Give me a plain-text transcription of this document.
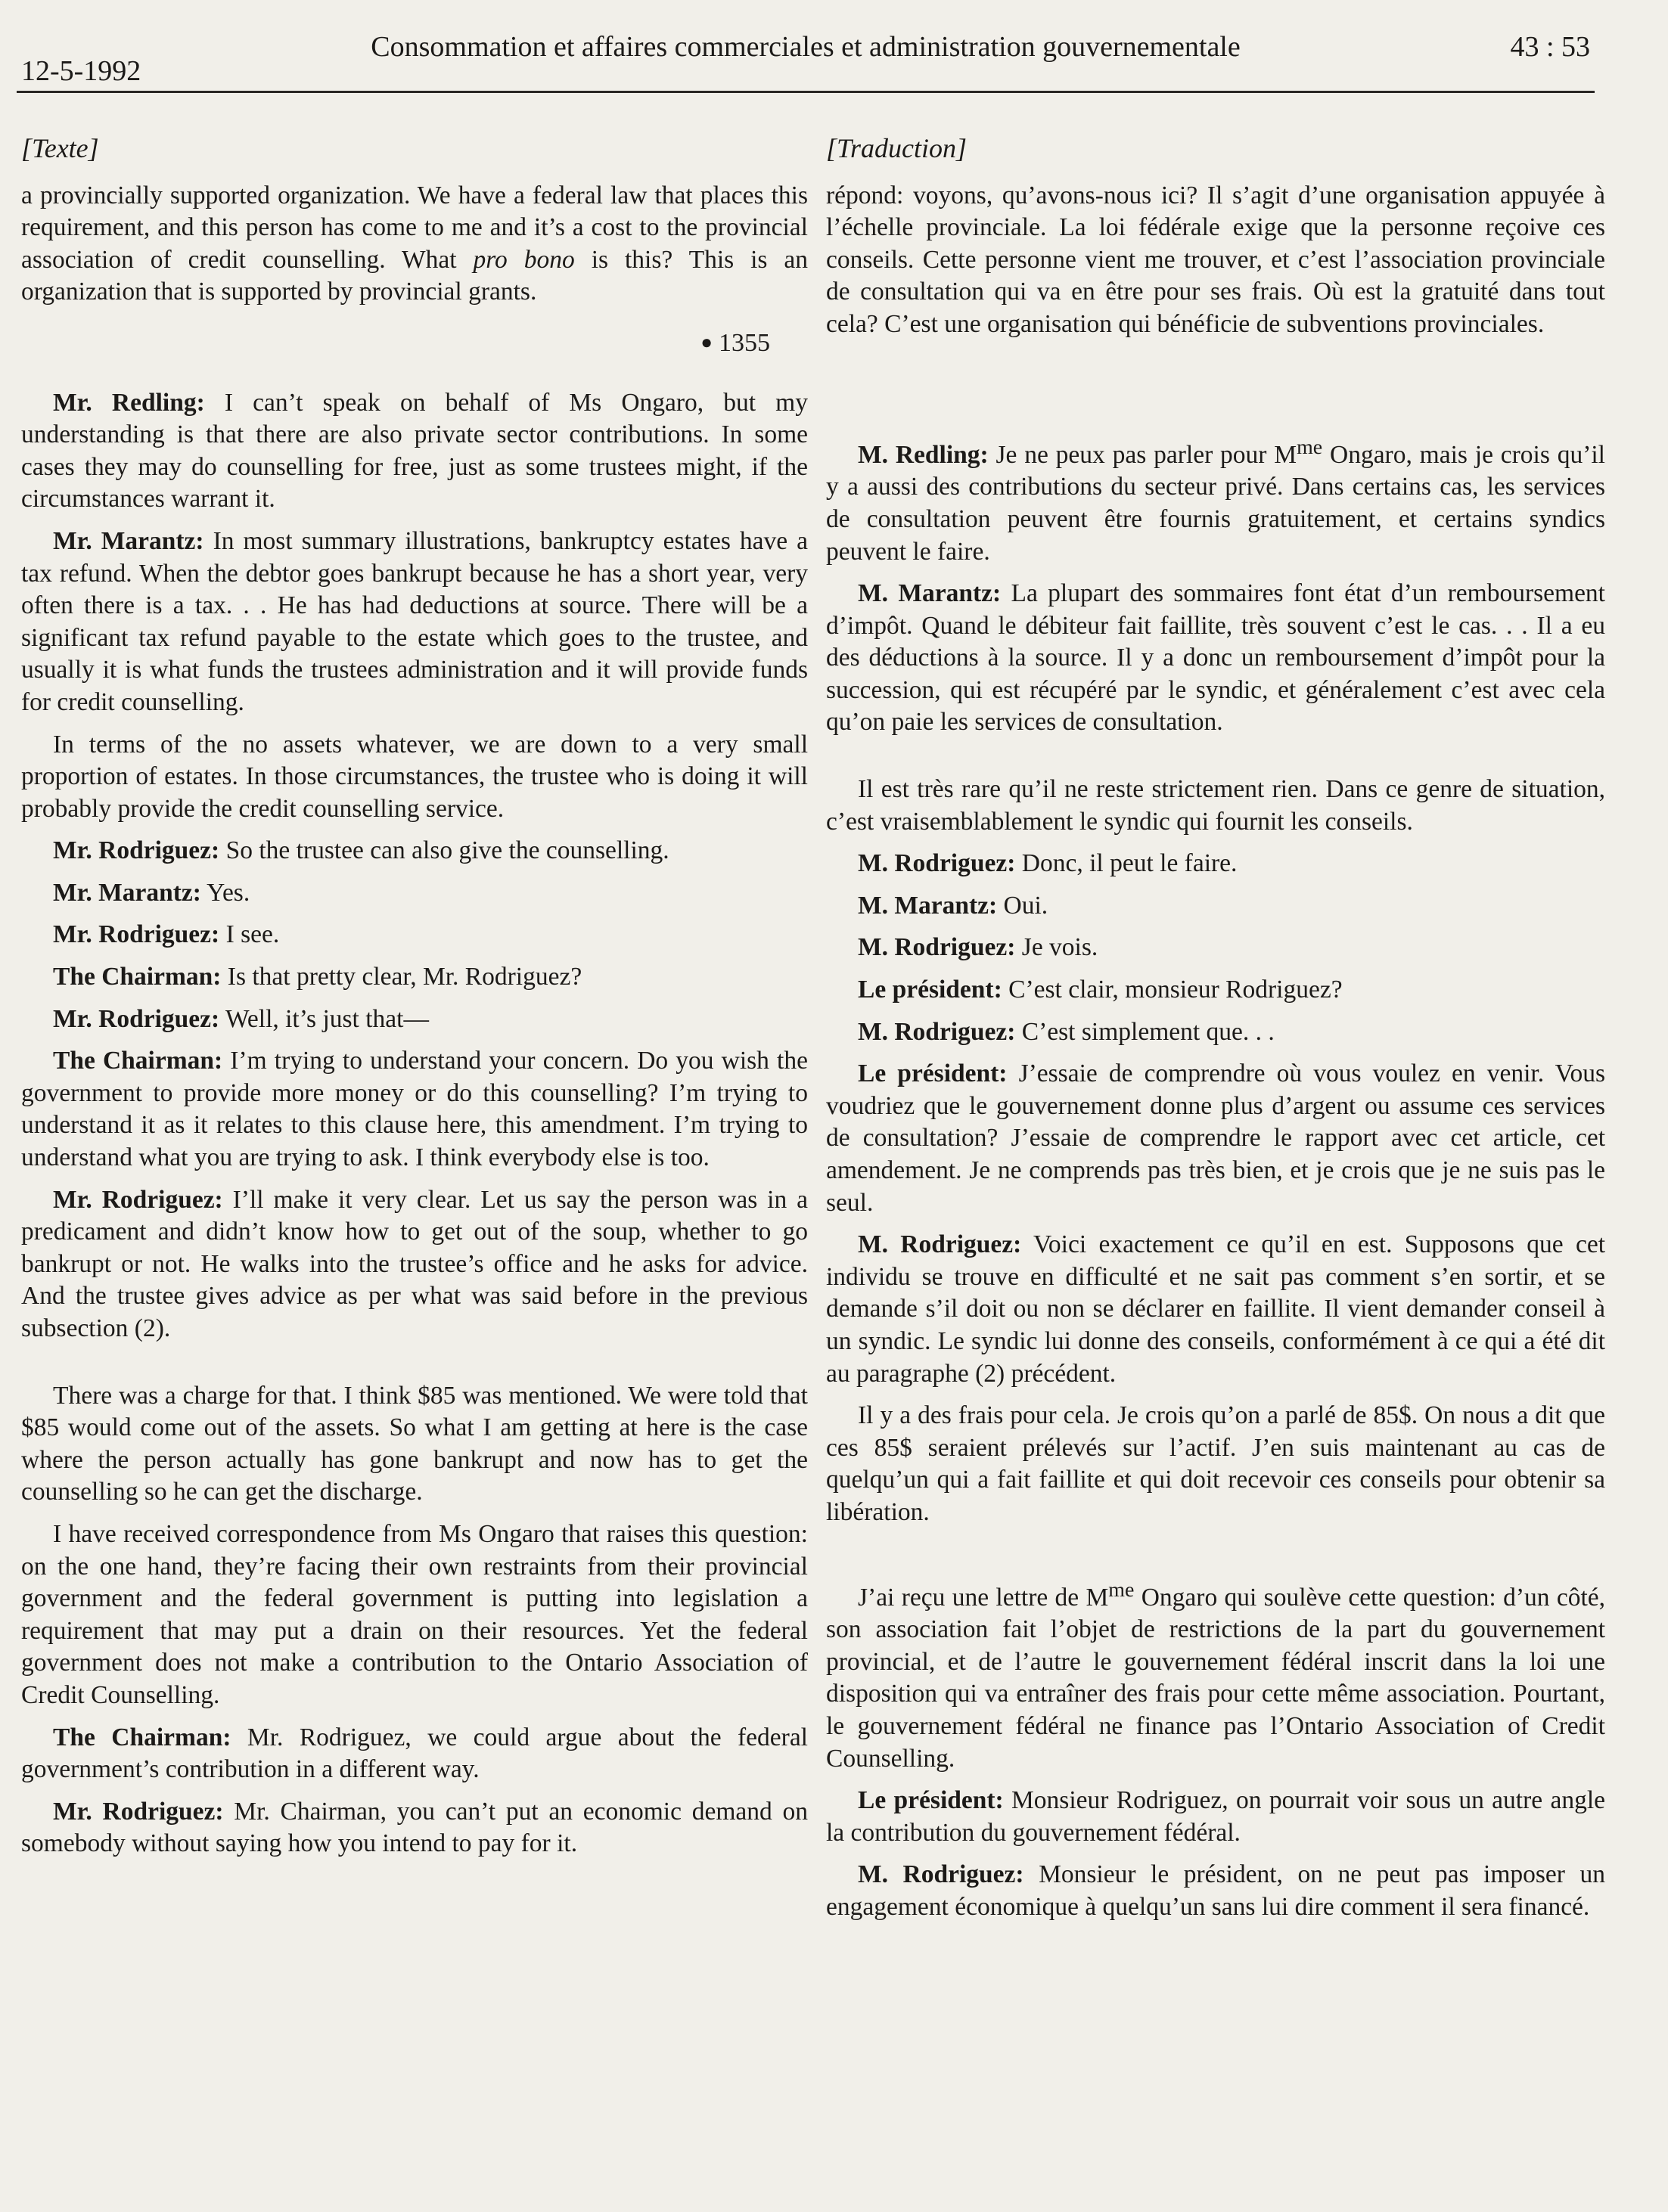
12-5-1992
Consommation et affaires commerciales et administration gouvernementale	43 : 53
[Texte]

a provincially supported organization. We have a federal law that places this requirement, and this person has come to me and it’s a cost to the provincial association of credit counselling. What pro bono is this? This is an organization that is supported by provincial grants.

● 1355

Mr. Redling: I can’t speak on behalf of Ms Ongaro, but my understanding is that there are also private sector contributions. In some cases they may do counselling for free, just as some trustees might, if the circumstances warrant it.

Mr. Marantz: In most summary illustrations, bankruptcy estates have a tax refund. When the debtor goes bankrupt because he has a short year, very often there is a tax. . . He has had deductions at source. There will be a significant tax refund payable to the estate which goes to the trustee, and usually it is what funds the trustees administration and it will provide funds for credit counselling.

In terms of the no assets whatever, we are down to a very small proportion of estates. In those circumstances, the trustee who is doing it will probably provide the credit counselling service.

Mr. Rodriguez: So the trustee can also give the counselling.

Mr. Marantz: Yes.

Mr. Rodriguez: I see.

The Chairman: Is that pretty clear, Mr. Rodriguez?

Mr. Rodriguez: Well, it’s just that—

The Chairman: I’m trying to understand your concern. Do you wish the government to provide more money or do this counselling? I’m trying to understand it as it relates to this clause here, this amendment. I’m trying to understand what you are trying to ask. I think everybody else is too.

Mr. Rodriguez: I’ll make it very clear. Let us say the person was in a predicament and didn’t know how to get out of the soup, whether to go bankrupt or not. He walks into the trustee’s office and he asks for advice. And the trustee gives advice as per what was said before in the previous subsection (2).

There was a charge for that. I think $85 was mentioned. We were told that $85 would come out of the assets. So what I am getting at here is the case where the person actually has gone bankrupt and now has to get the counselling so he can get the discharge.

I have received correspondence from Ms Ongaro that raises this question: on the one hand, they’re facing their own restraints from their provincial government and the federal government is putting into legislation a requirement that may put a drain on their resources. Yet the federal government does not make a contribution to the Ontario Association of Credit Counselling.

The Chairman: Mr. Rodriguez, we could argue about the federal government’s contribution in a different way.

Mr. Rodriguez: Mr. Chairman, you can’t put an economic demand on somebody without saying how you intend to pay for it.

[Traduction]

répond: voyons, qu’avons-nous ici? Il s’agit d’une organisation appuyée à l’échelle provinciale. La loi fédérale exige que la personne reçoive ces conseils. Cette personne vient me trouver, et c’est l’association provinciale de consultation qui va en être pour ses frais. Où est la gratuité dans tout cela? C’est une organisation qui bénéficie de subventions provinciales.

M. Redling: Je ne peux pas parler pour $M^{me}$ Ongaro, mais je crois qu’il y a aussi des contributions du secteur privé. Dans certains cas, les services de consultation peuvent être fournis gratuitement, et certains syndics peuvent le faire.

M. Marantz: La plupart des sommaires font état d’un remboursement d’impôt. Quand le débiteur fait faillite, très souvent c’est le cas. . . Il a eu des déductions à la source. Il y a donc un remboursement d’impôt pour la succession, qui est récupéré par le syndic, et généralement c’est avec cela qu’on paie les services de consultation.

Il est très rare qu’il ne reste strictement rien. Dans ce genre de situation, c’est vraisemblablement le syndic qui fournit les conseils.

M. Rodriguez: Donc, il peut le faire.

M. Marantz: Oui.

M. Rodriguez: Je vois.

Le président: C’est clair, monsieur Rodriguez?

M. Rodriguez: C’est simplement que. . .

Le président: J’essaie de comprendre où vous voulez en venir. Vous voudriez que le gouvernement donne plus d’argent ou assume ces services de consultation? J’essaie de comprendre le rapport avec cet article, cet amendement. Je ne comprends pas très bien, et je crois que je ne suis pas le seul.

M. Rodriguez: Voici exactement ce qu’il en est. Supposons que cet individu se trouve en difficulté et ne sait pas comment s’en sortir, et se demande s’il doit ou non se déclarer en faillite. Il vient demander conseil à un syndic. Le syndic lui donne des conseils, conformément à ce qui a été dit au paragraphe (2) précédent.

Il y a des frais pour cela. Je crois qu’on a parlé de 85$. On nous a dit que ces 85$ seraient prélevés sur l’actif. J’en suis maintenant au cas de quelqu’un qui a fait faillite et qui doit recevoir ces conseils pour obtenir sa libération.

J’ai reçu une lettre de $M^{me}$ Ongaro qui soulève cette question: d’un côté, son association fait l’objet de restrictions de la part du gouvernement provincial, et de l’autre le gouvernement fédéral inscrit dans la loi une disposition qui va entraîner des frais pour cette même association. Pourtant, le gouvernement fédéral ne finance pas l’Ontario Association of Credit Counselling.

Le président: Monsieur Rodriguez, on pourrait voir sous un autre angle la contribution du gouvernement fédéral.

M. Rodriguez: Monsieur le président, on ne peut pas imposer un engagement économique à quelqu’un sans lui dire comment il sera financé.
